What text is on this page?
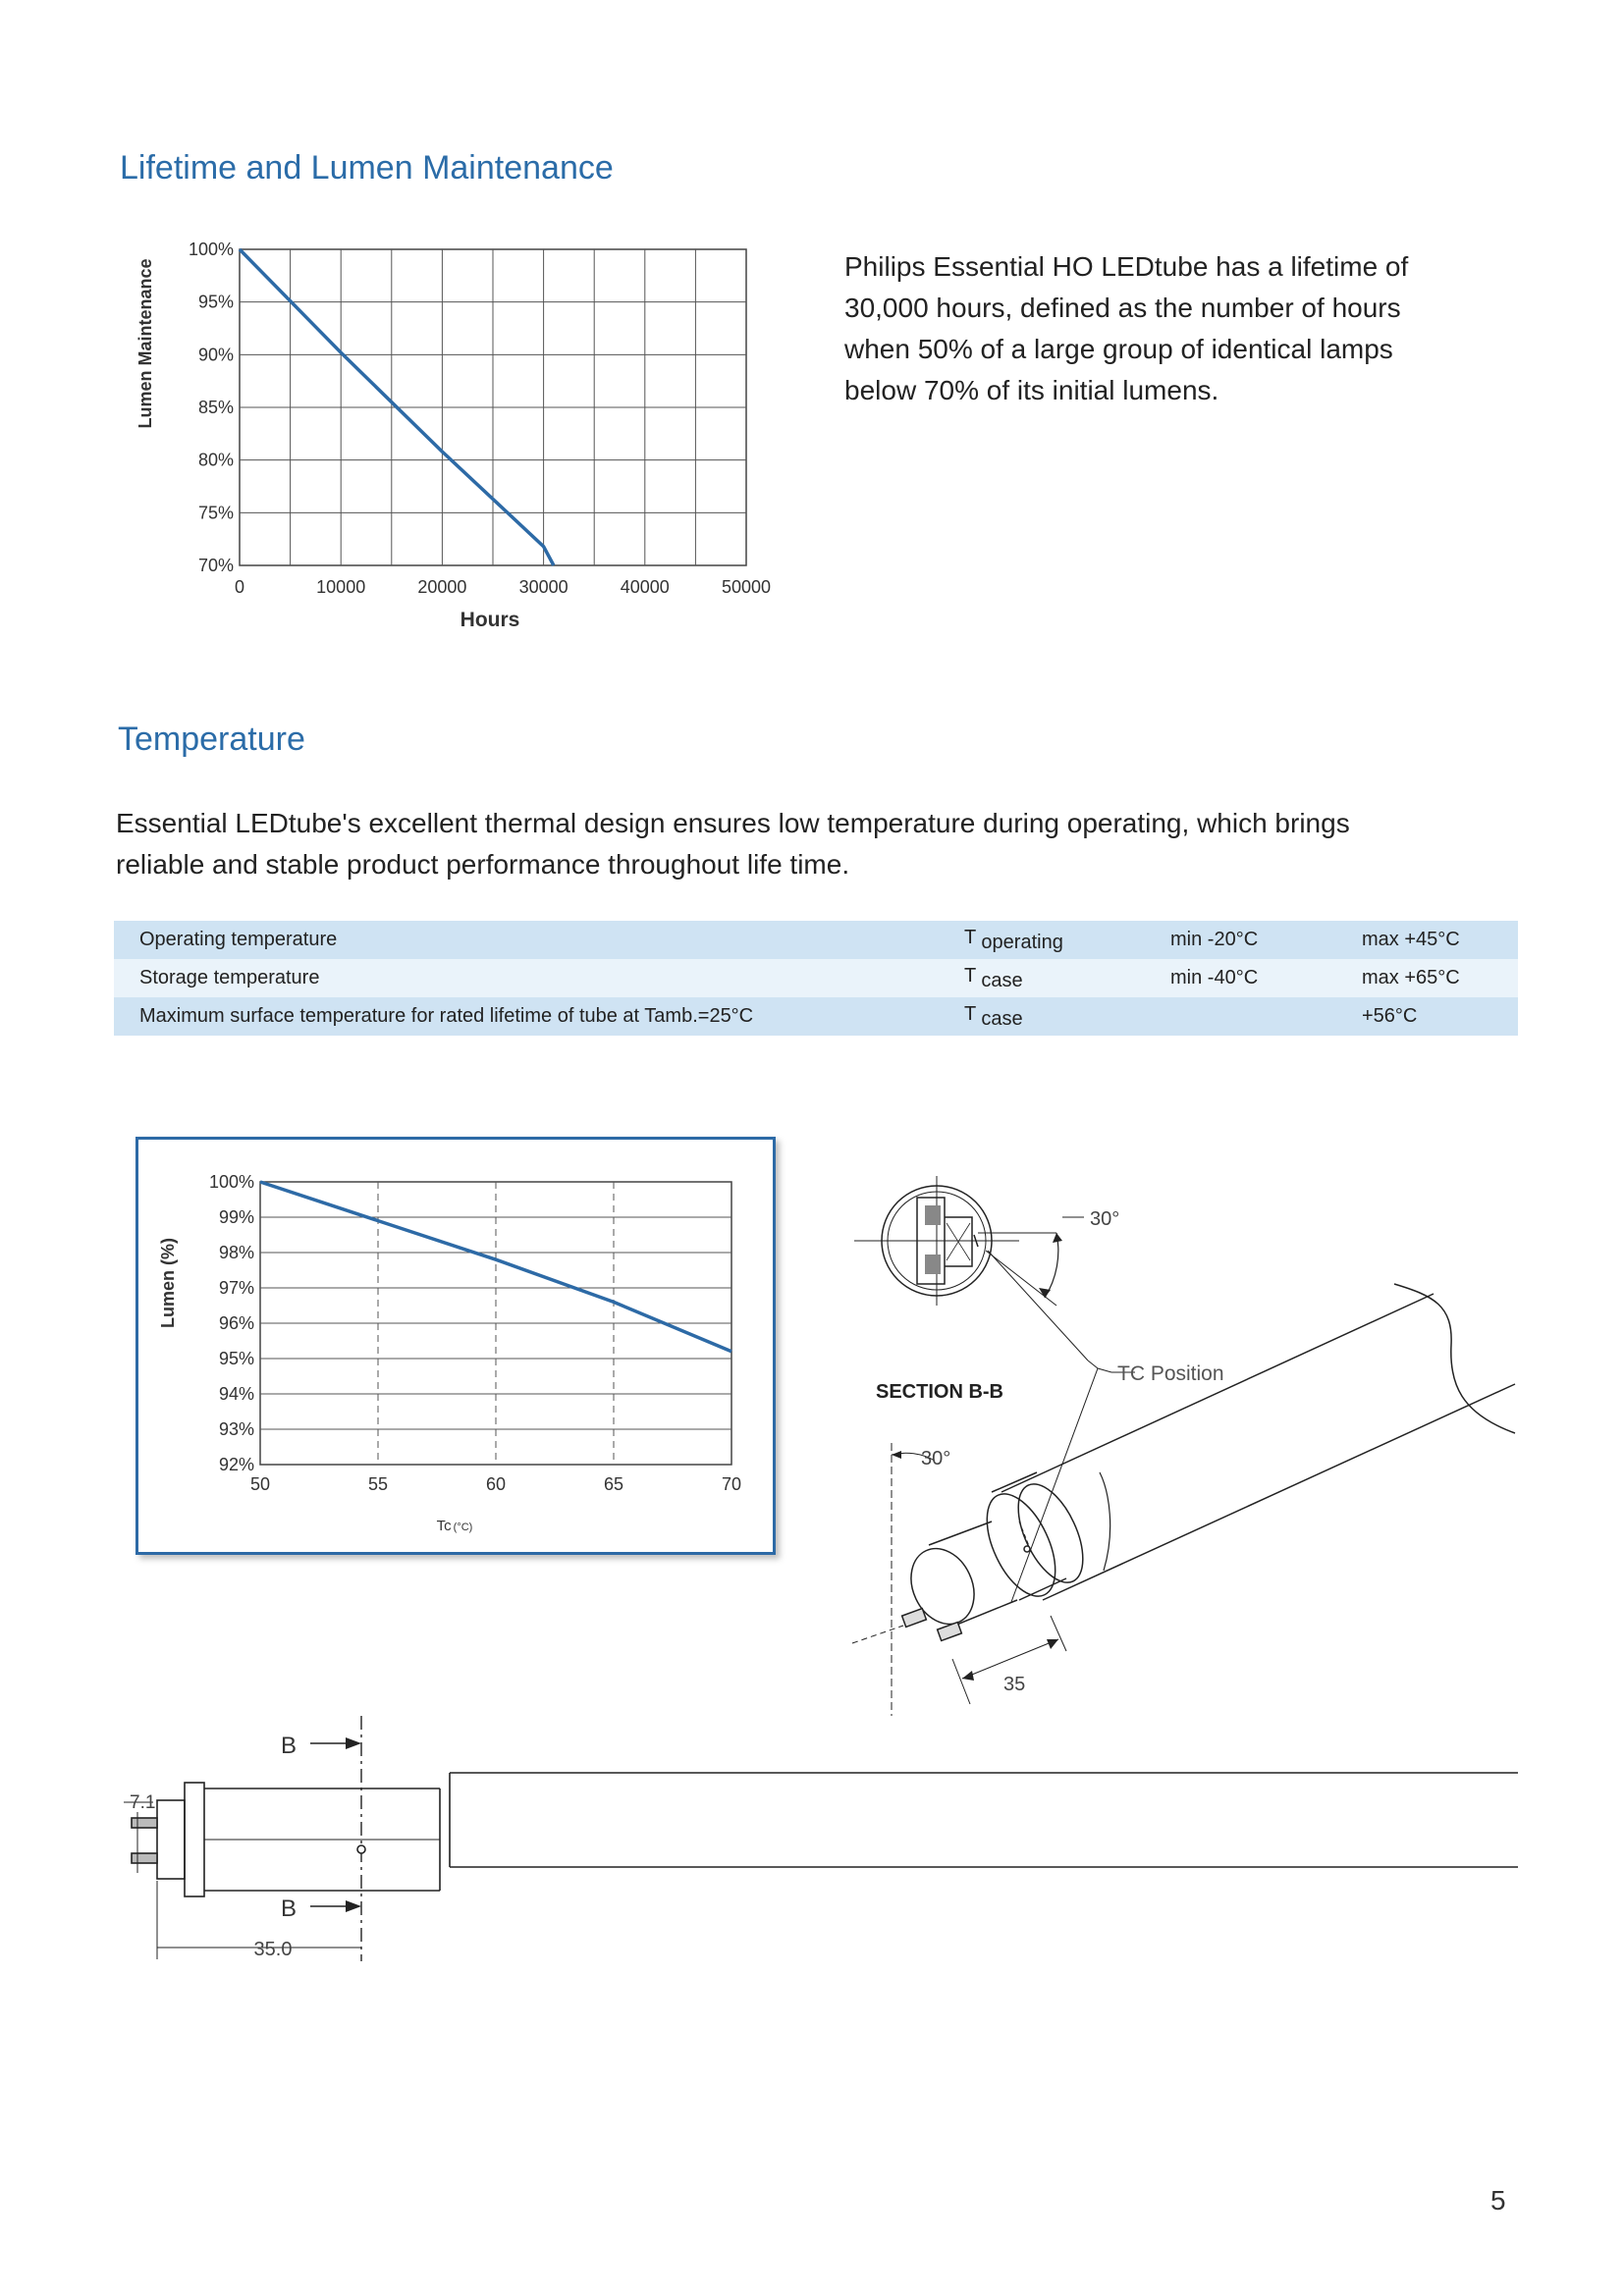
Lifetime and Lumen Maintenance
100%
95%
90%
85%
80%
75%
70%
0	10000	20000	30000	40000	50000
Lumen Maintenance
Hours

Philips Essential HO LEDtube has a lifetime of

30,000 hours, defined as the number of hours

when 50% of a large group of identical lamps

below 70% of its initial lumens.

Temperature

Essential LEDtube's excellent thermal design ensures low temperature during operating, which brings

reliable and stable product performance throughout life time.

Operating temperature	T $_{operating}$	min -20°C	max +45°C
Storage temperature	T $_{case}$	min -40°C	max +65°C
Maximum surface temperature for rated lifetime of tube at Tamb.=25°C	T $_{case}$		+56°C
100%
99%
98%
97%
96%
95%
94%
93%
92%
50	55	60	65	70
Lumen (%)
Tc (°C)
30°
TC Position
SECTION B-B
30°
35
B
B
7.1
35.0
5
